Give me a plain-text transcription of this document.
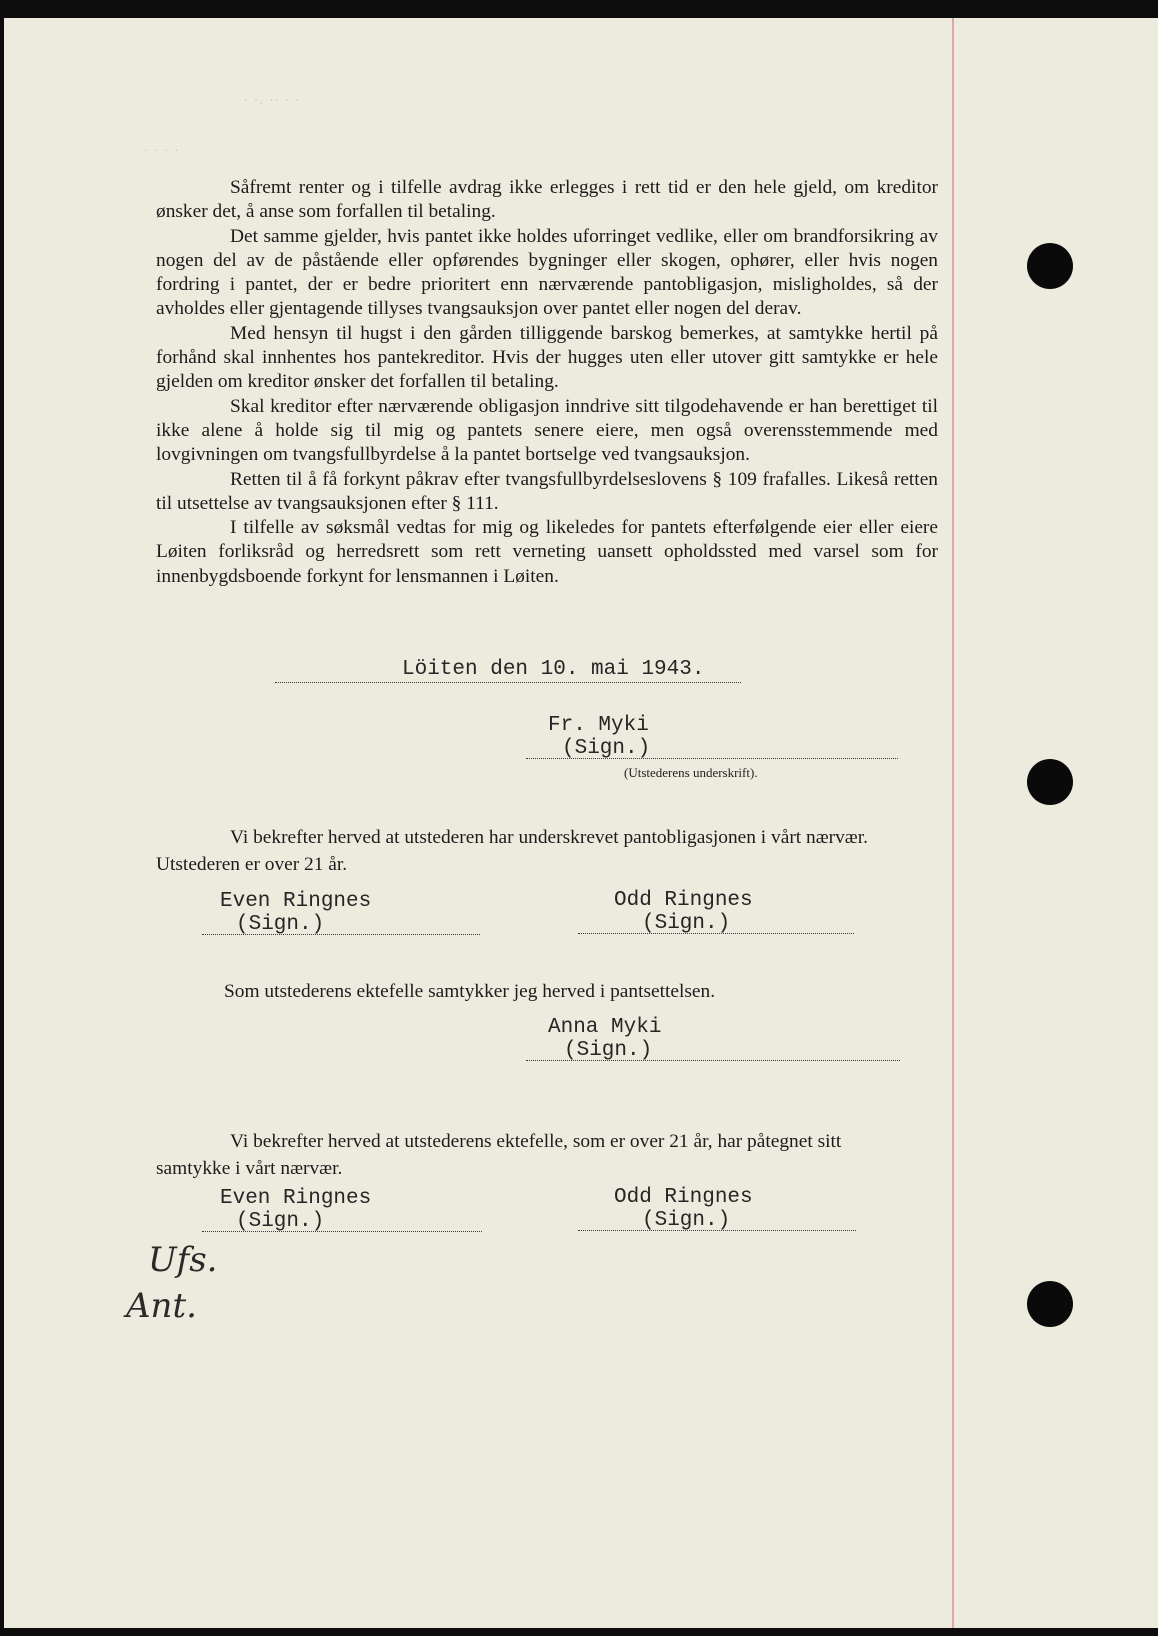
· ·. ·· · ·
· · · ·

Såfremt renter og i tilfelle avdrag ikke erlegges i rett tid er den hele gjeld, om kreditor ønsker det, å anse som forfallen til betaling.

Det samme gjelder, hvis pantet ikke holdes uforringet vedlike, eller om brandforsikring av nogen del av de påstående eller opførendes bygninger eller skogen, ophører, eller hvis nogen fordring i pantet, der er bedre prioritert enn nærværende pantobligasjon, misligholdes, så der avholdes eller gjentagende tillyses tvangsauksjon over pantet eller nogen del derav.

Med hensyn til hugst i den gården tilliggende barskog bemerkes, at samtykke hertil på forhånd skal innhentes hos pantekreditor. Hvis der hugges uten eller utover gitt samtykke er hele gjelden om kreditor ønsker det forfallen til betaling.

Skal kreditor efter nærværende obligasjon inndrive sitt tilgodehavende er han berettiget til ikke alene å holde sig til mig og pantets senere eiere, men også overensstemmende med lovgivningen om tvangsfullbyrdelse å la pantet bortselge ved tvangsauksjon.

Retten til å få forkynt påkrav efter tvangsfullbyrdelseslovens § 109 frafalles. Likeså retten til utsettelse av tvangsauksjonen efter § 111.

I tilfelle av søksmål vedtas for mig og likeledes for pantets efterfølgende eier eller eiere Løiten forliksråd og herredsrett som rett verneting uansett opholdssted med varsel som for innenbygdsboende forkynt for lensmannen i Løiten.

Löiten den 10. mai 1943.
Fr. Myki
(Sign.)
(Utstederens underskrift).
Vi bekrefter herved at utstederen har underskrevet pantobligasjonen i vårt nærvær. Utstederen er over 21 år.
Even Ringnes
(Sign.)
Odd Ringnes
(Sign.)
Som utstederens ektefelle samtykker jeg herved i pantsettelsen.
Anna Myki
(Sign.)
Vi bekrefter herved at utstederens ektefelle, som er over 21 år, har påtegnet sitt samtykke i vårt nærvær.
Even Ringnes
(Sign.)
Odd Ringnes
(Sign.)
Ufs.
Ant.
